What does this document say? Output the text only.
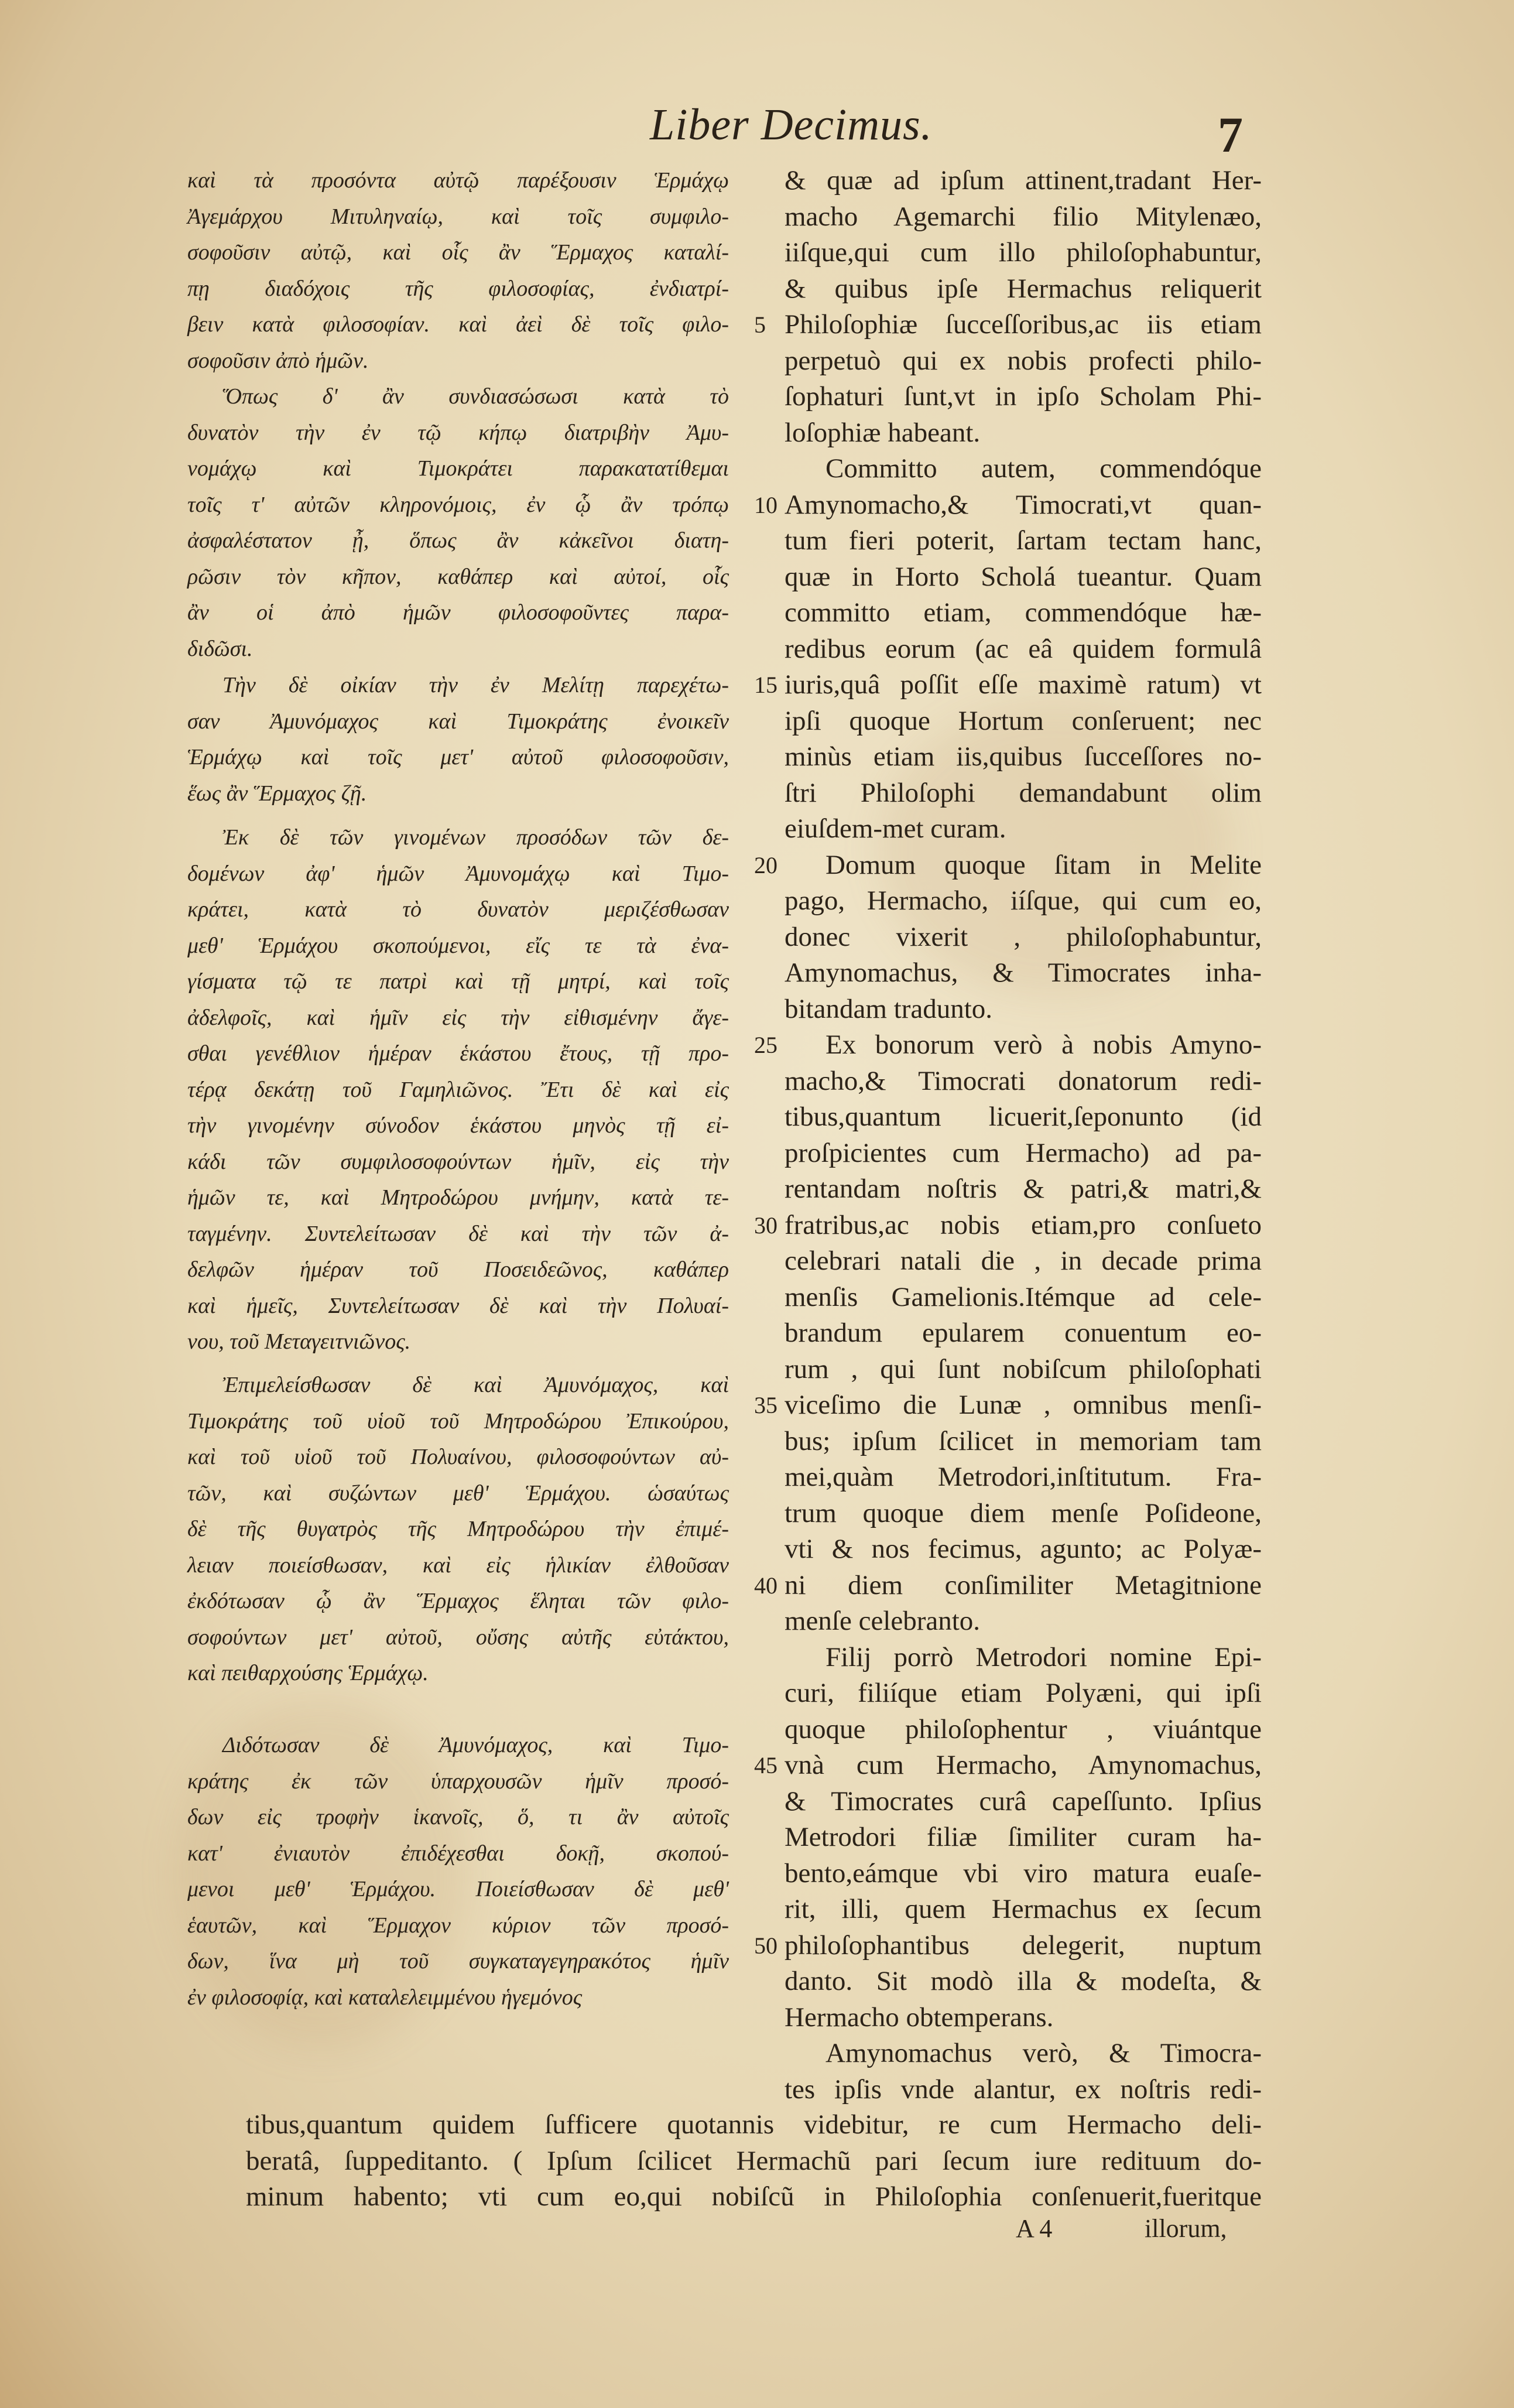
Liber Decimus.	7
καὶ τὰ προσόντα αὐτῷ παρέξουσιν Ἑρμάχῳ
Ἀγεμάρχου Μιτυληναίῳ, καὶ τοῖς συμφιλο-
σοφοῦσιν αὐτῷ, καὶ οἷς ἂν Ἕρμαχος καταλί-
πῃ διαδόχοις τῆς φιλοσοφίας, ἐνδιατρί-
βειν κατὰ φιλοσοφίαν. καὶ ἀεὶ δὲ τοῖς φιλο-
σοφοῦσιν ἀπὸ ἡμῶν.
Ὅπως δ' ἂν συνδιασώσωσι κατὰ τὸ
δυνατὸν τὴν ἐν τῷ κήπῳ διατριβὴν Ἀμυ-
νομάχῳ καὶ Τιμοκράτει παρακατατίθεμαι
τοῖς τ' αὐτῶν κληρονόμοις, ἐν ᾧ ἂν τρόπῳ
ἀσφαλέστατον ᾖ, ὅπως ἂν κἀκεῖνοι διατη-
ρῶσιν τὸν κῆπον, καθάπερ καὶ αὐτοί, οἷς
ἂν οἱ ἀπὸ ἡμῶν φιλοσοφοῦντες παρα-
διδῶσι.
Τὴν δὲ οἰκίαν τὴν ἐν Μελίτῃ παρεχέτω-
σαν Ἀμυνόμαχος καὶ Τιμοκράτης ἐνοικεῖν
Ἑρμάχῳ καὶ τοῖς μετ' αὐτοῦ φιλοσοφοῦσιν,
ἕως ἂν Ἕρμαχος ζῇ.
Ἐκ δὲ τῶν γινομένων προσόδων τῶν δε-
δομένων ἀφ' ἡμῶν Ἀμυνομάχῳ καὶ Τιμο-
κράτει, κατὰ τὸ δυνατὸν μεριζέσθωσαν
μεθ' Ἑρμάχου σκοπούμενοι, εἴς τε τὰ ἐνα-
γίσματα τῷ τε πατρὶ καὶ τῇ μητρί, καὶ τοῖς
ἀδελφοῖς, καὶ ἡμῖν εἰς τὴν εἰθισμένην ἄγε-
σθαι γενέθλιον ἡμέραν ἑκάστου ἔτους, τῇ προ-
τέρᾳ δεκάτῃ τοῦ Γαμηλιῶνος. Ἔτι δὲ καὶ εἰς
τὴν γινομένην σύνοδον ἑκάστου μηνὸς τῇ εἰ-
κάδι τῶν συμφιλοσοφούντων ἡμῖν, εἰς τὴν
ἡμῶν τε, καὶ Μητροδώρου μνήμην, κατὰ τε-
ταγμένην. Συντελείτωσαν δὲ καὶ τὴν τῶν ἀ-
δελφῶν ἡμέραν τοῦ Ποσειδεῶνος, καθάπερ
καὶ ἡμεῖς, Συντελείτωσαν δὲ καὶ τὴν Πολυαί-
νου, τοῦ Μεταγειτνιῶνος.
Ἐπιμελείσθωσαν δὲ καὶ Ἀμυνόμαχος, καὶ
Τιμοκράτης τοῦ υἱοῦ τοῦ Μητροδώρου Ἐπικούρου,
καὶ τοῦ υἱοῦ τοῦ Πολυαίνου, φιλοσοφούντων αὐ-
τῶν, καὶ συζώντων μεθ' Ἑρμάχου. ὡσαύτως
δὲ τῆς θυγατρὸς τῆς Μητροδώρου τὴν ἐπιμέ-
λειαν ποιείσθωσαν, καὶ εἰς ἡλικίαν ἐλθοῦσαν
ἐκδότωσαν ᾧ ἂν Ἕρμαχος ἕληται τῶν φιλο-
σοφούντων μετ' αὐτοῦ, οὔσης αὐτῆς εὐτάκτου,
καὶ πειθαρχούσης Ἑρμάχῳ.
Διδότωσαν δὲ Ἀμυνόμαχος, καὶ Τιμο-
κράτης ἐκ τῶν ὑπαρχουσῶν ἡμῖν προσό-
δων εἰς τροφὴν ἱκανοῖς, ὅ, τι ἂν αὐτοῖς
κατ' ἐνιαυτὸν ἐπιδέχεσθαι δοκῇ, σκοπού-
μενοι μεθ' Ἑρμάχου. Ποιείσθωσαν δὲ μεθ'
ἑαυτῶν, καὶ Ἕρμαχον κύριον τῶν προσό-
δων, ἵνα μὴ τοῦ συγκαταγεγηρακότος ἡμῖν
ἐν φιλοσοφίᾳ, καὶ καταλελειμμένου ἡγεμόνος
& quæ ad ipſum attinent,tradant Her-
macho Agemarchi filio Mitylenæo,
iiſque,qui cum illo philoſophabuntur,
& quibus ipſe Hermachus reliquerit
Philoſophiæ ſucceſſoribus,ac iis etiam
5
perpetuò qui ex nobis profecti philo-
ſophaturi ſunt,vt in ipſo Scholam Phi-
loſophiæ habeant.
Committo autem, commendóque
Amynomacho,& Timocrati,vt quan-
10
tum fieri poterit, ſartam tectam hanc,
quæ in Horto Scholá tueantur. Quam
committo etiam, commendóque hæ-
redibus eorum (ac eâ quidem formulâ
iuris,quâ poſſit eſſe maximè ratum) vt
15
ipſi quoque Hortum conſeruent; nec
minùs etiam iis,quibus ſucceſſores no-
ſtri Philoſophi demandabunt olim
eiuſdem-met curam.
Domum quoque ſitam in Melite
20
pago, Hermacho, iíſque, qui cum eo,
donec vixerit , philoſophabuntur,
Amynomachus, & Timocrates inha-
bitandam tradunto.
Ex bonorum verò à nobis Amyno-
25
macho,& Timocrati donatorum redi-
tibus,quantum licuerit,ſeponunto (id
proſpicientes cum Hermacho) ad pa-
rentandam noſtris & patri,& matri,&
fratribus,ac nobis etiam,pro conſueto
30
celebrari natali die , in decade prima
menſis Gamelionis.Itémque ad cele-
brandum epularem conuentum eo-
rum , qui ſunt nobiſcum philoſophati
viceſimo die Lunæ , omnibus menſi-
35
bus; ipſum ſcilicet in memoriam tam
mei,quàm Metrodori,inſtitutum. Fra-
trum quoque diem menſe Poſideone,
vti & nos fecimus, agunto; ac Polyæ-
ni diem conſimiliter Metagitnione
40
menſe celebranto.
Filij porrò Metrodori nomine Epi-
curi, filiíque etiam Polyæni, qui ipſi
quoque philoſophentur , viuántque
vnà cum Hermacho, Amynomachus,
45
& Timocrates curâ capeſſunto. Ipſius
Metrodori filiæ ſimiliter curam ha-
bento,eámque vbi viro matura euaſe-
rit, illi, quem Hermachus ex ſecum
philoſophantibus delegerit, nuptum
50
danto. Sit modò illa & modeſta, &
Hermacho obtemperans.
Amynomachus verò, & Timocra-
tes ipſis vnde alantur, ex noſtris redi-
tibus,quantum quidem ſufficere quotannis videbitur, re cum Hermacho deli-
beratâ, ſuppeditanto. ( Ipſum ſcilicet Hermachũ pari ſecum iure redituum do-
minum habento; vti cum eo,qui nobiſcũ in Philoſophia conſenuerit,fueritque
A 4	illorum,
